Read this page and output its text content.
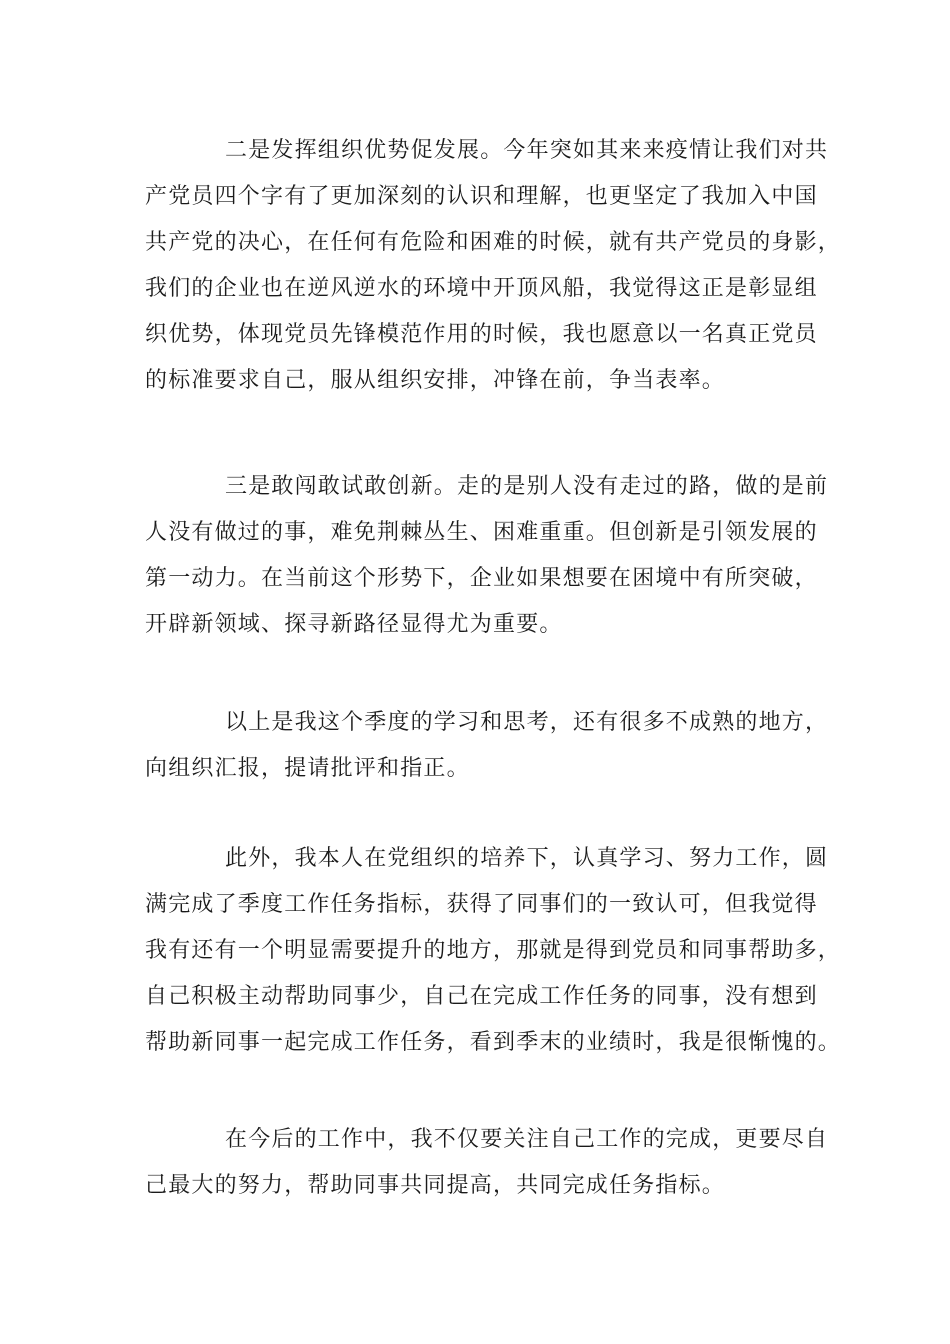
二是发挥组织优势促发展。今年突如其来来疫情让我们对共
产党员四个字有了更加深刻的认识和理解，也更坚定了我加入中国
共产党的决心，在任何有危险和困难的时候，就有共产党员的身影，
我们的企业也在逆风逆水的环境中开顶风船，我觉得这正是彰显组
织优势，体现党员先锋模范作用的时候，我也愿意以一名真正党员
的标准要求自己，服从组织安排，冲锋在前，争当表率。
三是敢闯敢试敢创新。走的是别人没有走过的路，做的是前
人没有做过的事，难免荆棘丛生、困难重重。但创新是引领发展的
第一动力。在当前这个形势下，企业如果想要在困境中有所突破，
开辟新领域、探寻新路径显得尤为重要。
以上是我这个季度的学习和思考，还有很多不成熟的地方，
向组织汇报，提请批评和指正。
此外，我本人在党组织的培养下，认真学习、努力工作，圆
满完成了季度工作任务指标，获得了同事们的一致认可，但我觉得
我有还有一个明显需要提升的地方，那就是得到党员和同事帮助多，
自己积极主动帮助同事少，自己在完成工作任务的同事，没有想到
帮助新同事一起完成工作任务，看到季末的业绩时，我是很惭愧的。
在今后的工作中，我不仅要关注自己工作的完成，更要尽自
己最大的努力，帮助同事共同提高，共同完成任务指标。
